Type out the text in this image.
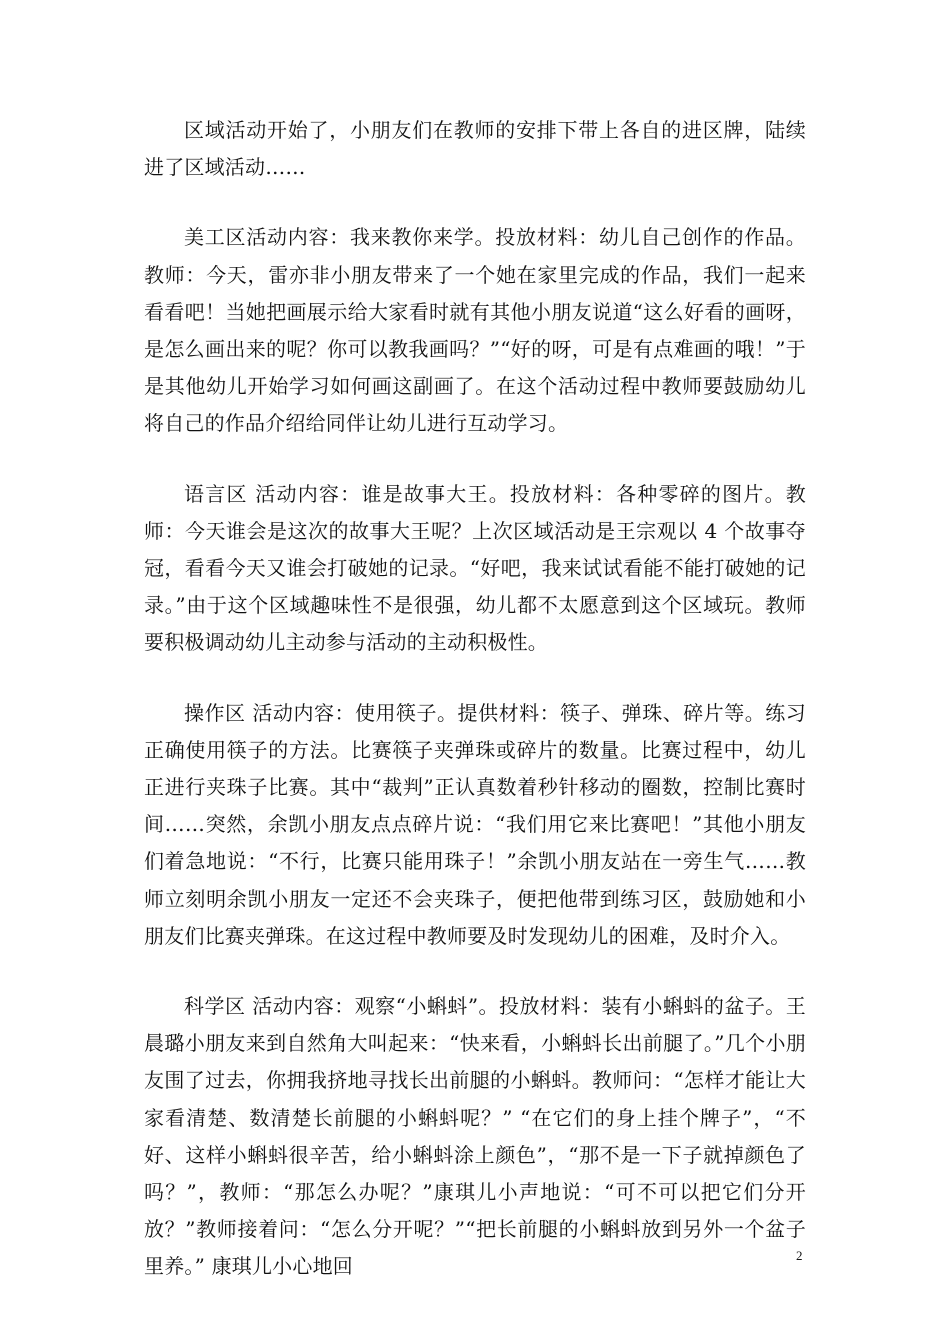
区域活动开始了，小朋友们在教师的安排下带上各自的进区牌，陆续进了区域活动……

美工区活动内容：我来教你来学。投放材料：幼儿自己创作的作品。教师：今天，雷亦非小朋友带来了一个她在家里完成的作品，我们一起来看看吧！当她把画展示给大家看时就有其他小朋友说道“这么好看的画呀，是怎么画出来的呢？你可以教我画吗？”“好的呀，可是有点难画的哦！”于是其他幼儿开始学习如何画这副画了。在这个活动过程中教师要鼓励幼儿将自己的作品介绍给同伴让幼儿进行互动学习。

语言区 活动内容：谁是故事大王。投放材料：各种零碎的图片。教师：今天谁会是这次的故事大王呢？上次区域活动是王宗观以 4 个故事夺冠，看看今天又谁会打破她的记录。“好吧，我来试试看能不能打破她的记录。”由于这个区域趣味性不是很强，幼儿都不太愿意到这个区域玩。教师要积极调动幼儿主动参与活动的主动积极性。

操作区 活动内容：使用筷子。提供材料：筷子、弹珠、碎片等。练习正确使用筷子的方法。比赛筷子夹弹珠或碎片的数量。比赛过程中，幼儿正进行夹珠子比赛。其中“裁判”正认真数着秒针移动的圈数，控制比赛时间……突然，余凯小朋友点点碎片说：“我们用它来比赛吧！”其他小朋友们着急地说：“不行，比赛只能用珠子！”余凯小朋友站在一旁生气……教师立刻明余凯小朋友一定还不会夹珠子，便把他带到练习区，鼓励她和小朋友们比赛夹弹珠。在这过程中教师要及时发现幼儿的困难，及时介入。

科学区 活动内容：观察“小蝌蚪”。投放材料：装有小蝌蚪的盆子。王晨璐小朋友来到自然角大叫起来：“快来看，小蝌蚪长出前腿了。”几个小朋友围了过去，你拥我挤地寻找长出前腿的小蝌蚪。教师问：“怎样才能让大家看清楚、数清楚长前腿的小蝌蚪呢？” “在它们的身上挂个牌子”，“不好、这样小蝌蚪很辛苦，给小蝌蚪涂上颜色”，“那不是一下子就掉颜色了吗？”，教师：“那怎么办呢？”康琪儿小声地说：“可不可以把它们分开放？”教师接着问：“怎么分开呢？”“把长前腿的小蝌蚪放到另外一个盆子里养。” 康琪儿小心地回	2
